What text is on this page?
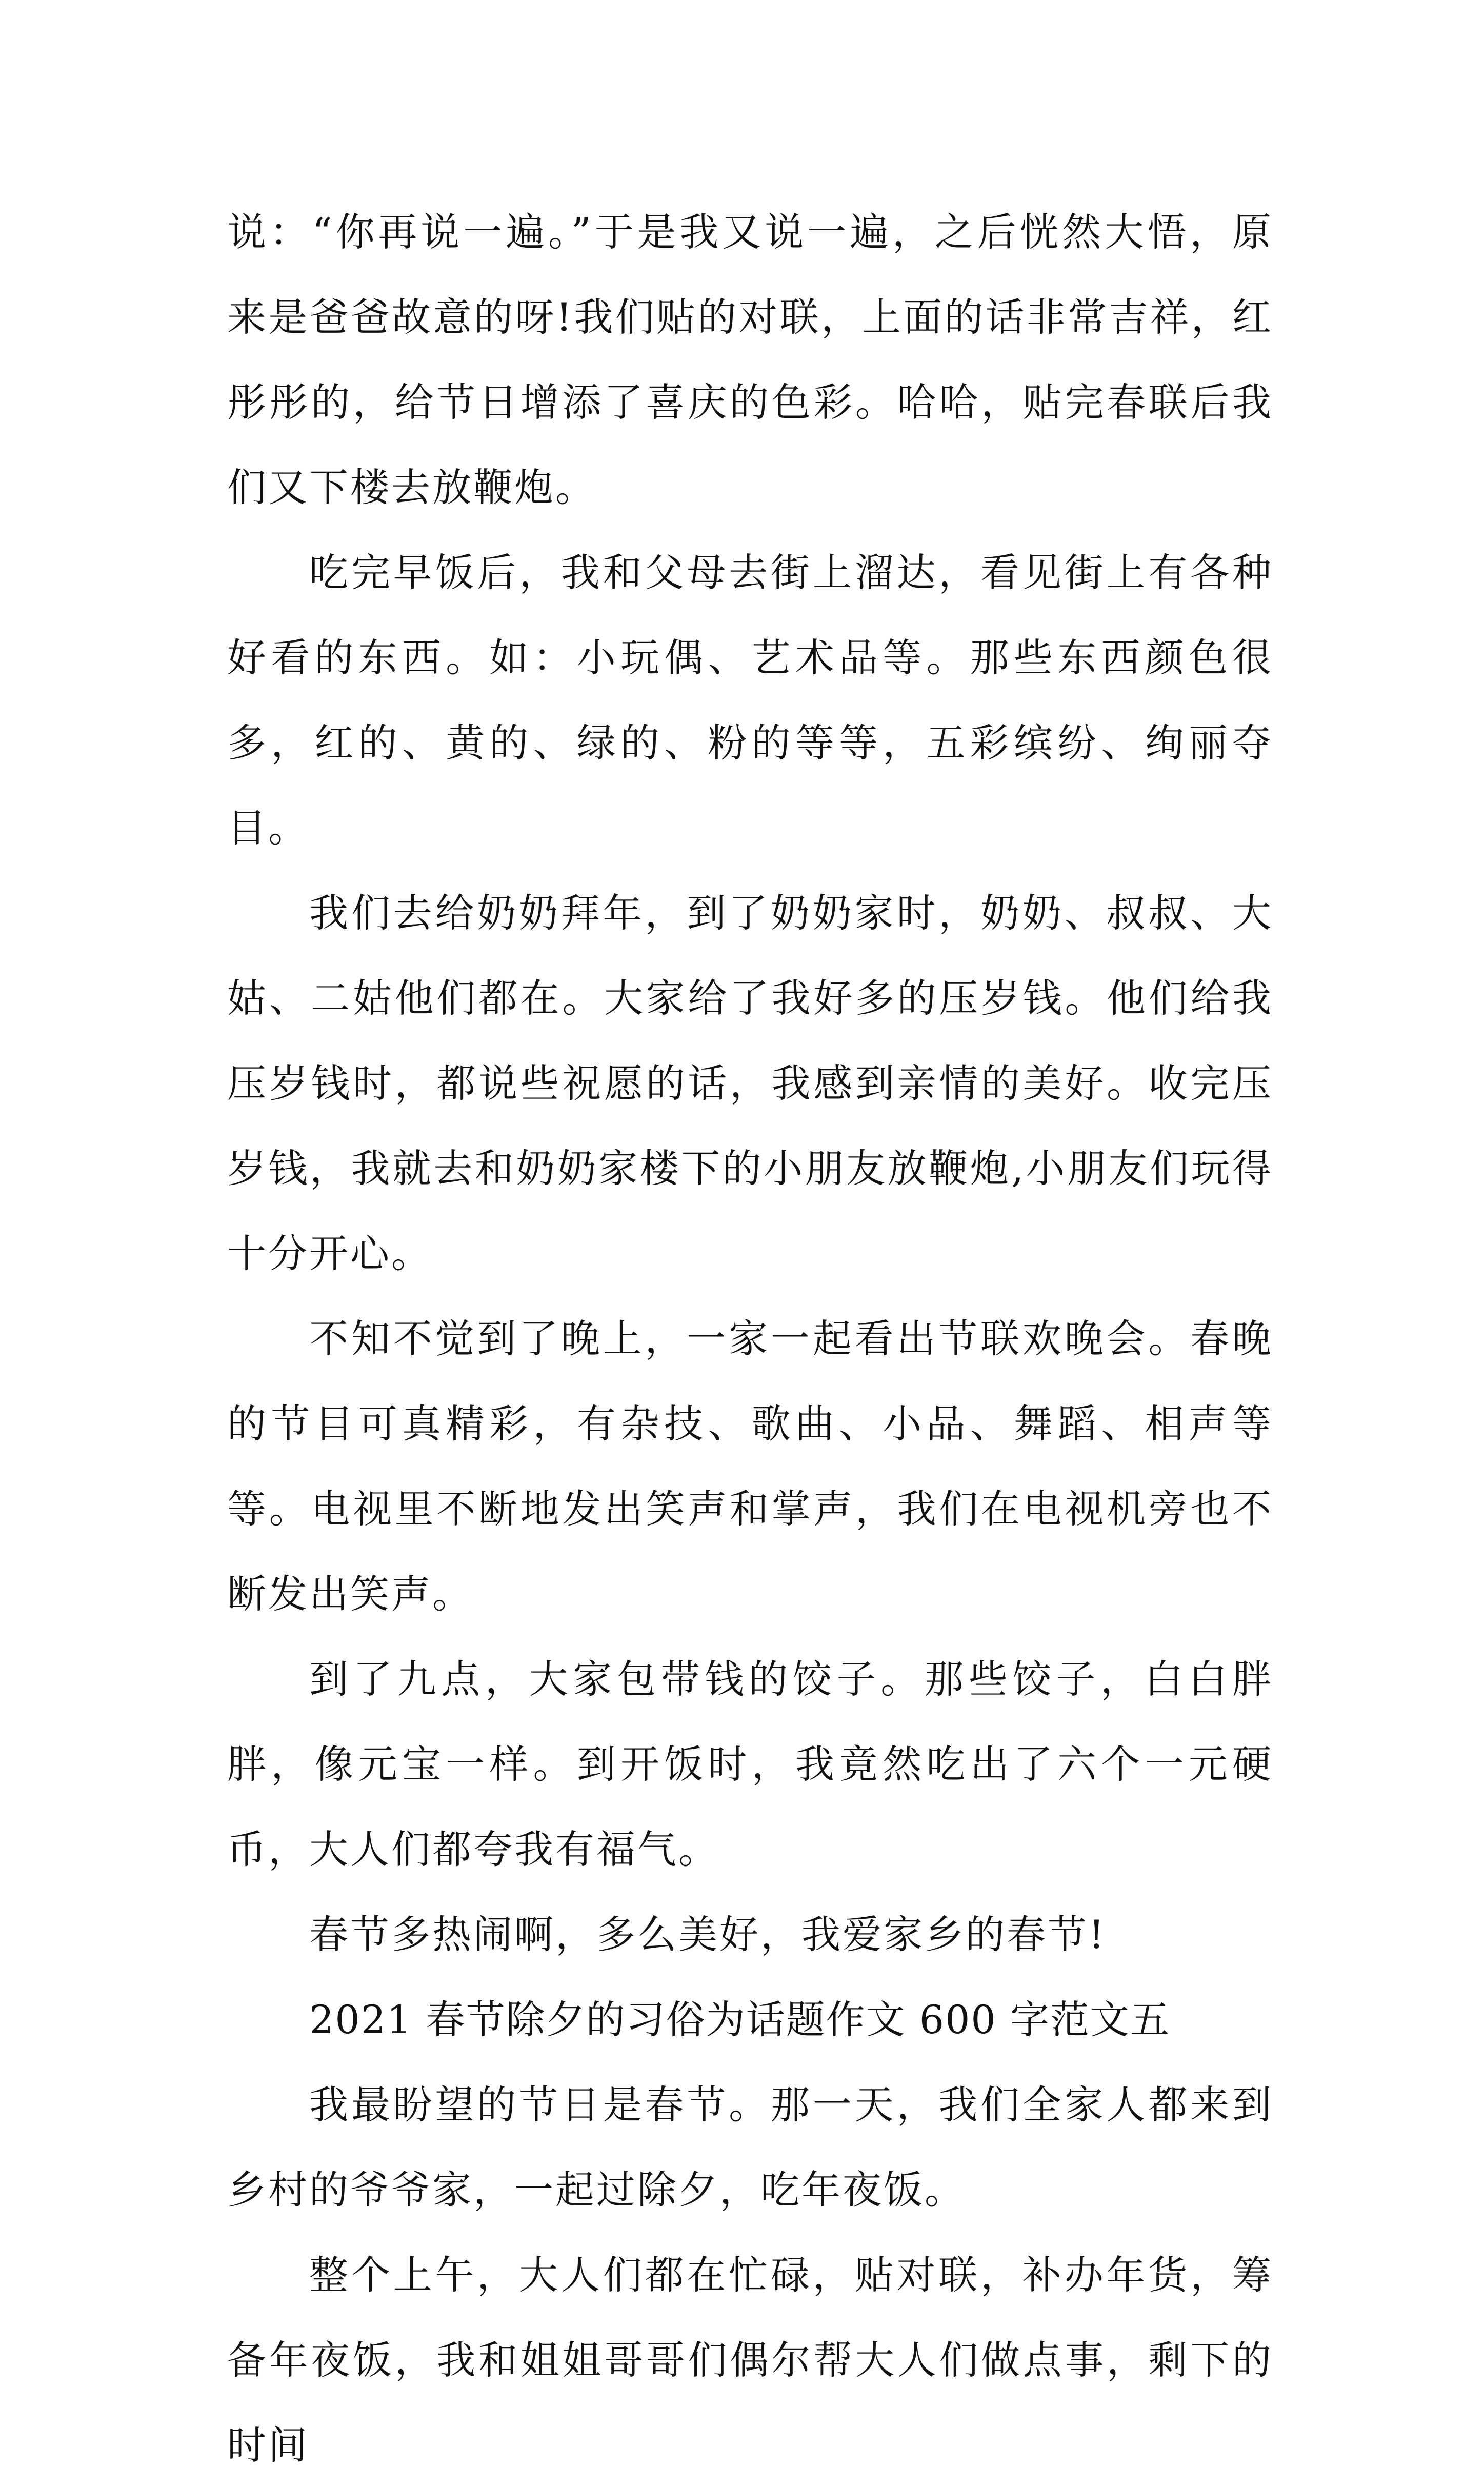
说：“你再说一遍。”于是我又说一遍，之后恍然大悟，原来是爸爸故意的呀!我们贴的对联，上面的话非常吉祥，红彤彤的，给节日增添了喜庆的色彩。哈哈，贴完春联后我们又下楼去放鞭炮。

吃完早饭后，我和父母去街上溜达，看见街上有各种好看的东西。如：小玩偶、艺术品等。那些东西颜色很多，红的、黄的、绿的、粉的等等，五彩缤纷、绚丽夺目。

我们去给奶奶拜年，到了奶奶家时，奶奶、叔叔、大姑、二姑他们都在。大家给了我好多的压岁钱。他们给我压岁钱时，都说些祝愿的话，我感到亲情的美好。收完压岁钱，我就去和奶奶家楼下的小朋友放鞭炮,小朋友们玩得十分开心。

不知不觉到了晚上，一家一起看出节联欢晚会。春晚的节目可真精彩，有杂技、歌曲、小品、舞蹈、相声等等。电视里不断地发出笑声和掌声，我们在电视机旁也不断发出笑声。

到了九点，大家包带钱的饺子。那些饺子，白白胖胖，像元宝一样。到开饭时，我竟然吃出了六个一元硬币，大人们都夸我有福气。

春节多热闹啊，多么美好，我爱家乡的春节!

2021 春节除夕的习俗为话题作文 600 字范文五

我最盼望的节日是春节。那一天，我们全家人都来到乡村的爷爷家，一起过除夕，吃年夜饭。

整个上午，大人们都在忙碌，贴对联，补办年货，筹备年夜饭，我和姐姐哥哥们偶尔帮大人们做点事，剩下的时间
